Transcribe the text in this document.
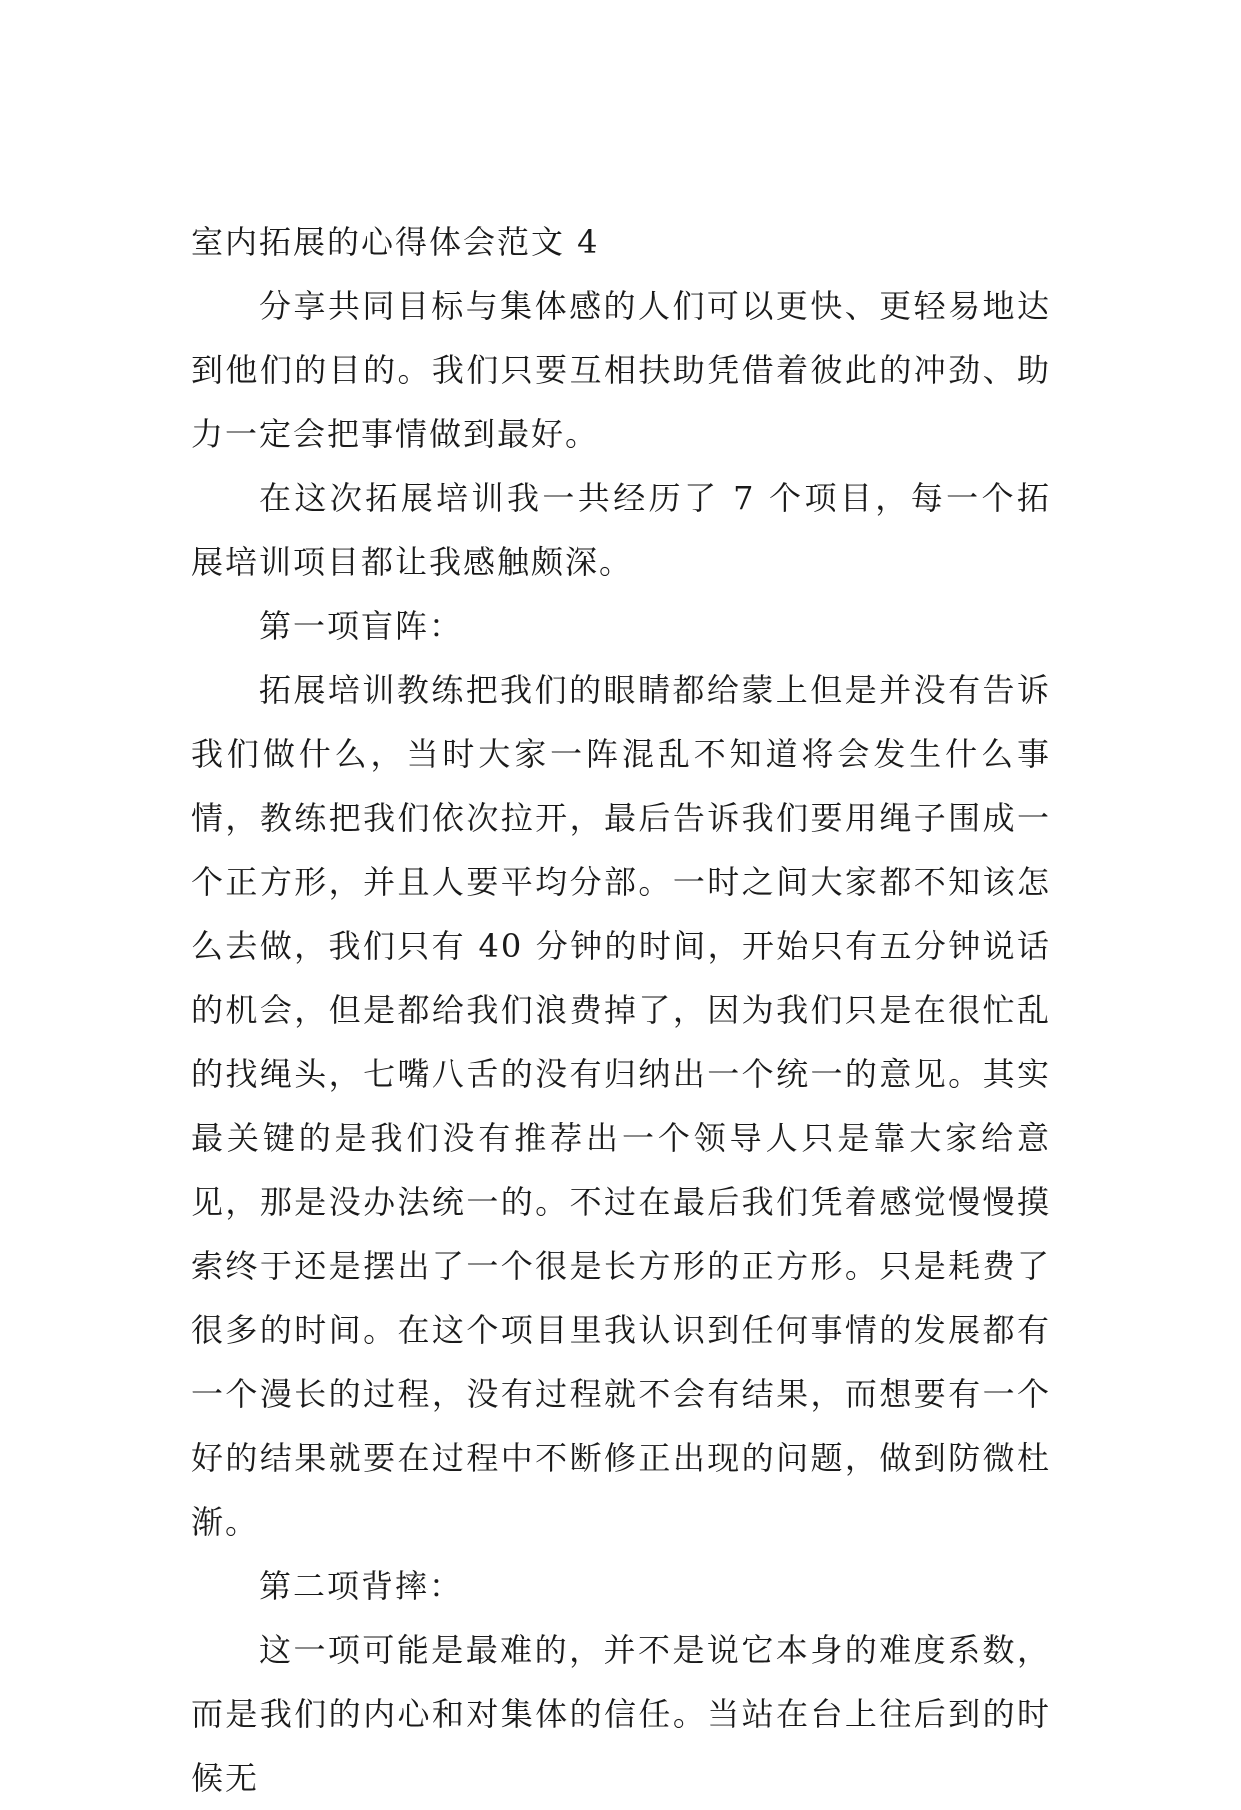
室内拓展的心得体会范文 4

分享共同目标与集体感的人们可以更快、更轻易地达到他们的目的。我们只要互相扶助凭借着彼此的冲劲、助力一定会把事情做到最好。

在这次拓展培训我一共经历了 7 个项目，每一个拓展培训项目都让我感触颇深。

第一项盲阵：

拓展培训教练把我们的眼睛都给蒙上但是并没有告诉我们做什么，当时大家一阵混乱不知道将会发生什么事情，教练把我们依次拉开，最后告诉我们要用绳子围成一个正方形，并且人要平均分部。一时之间大家都不知该怎么去做，我们只有 40 分钟的时间，开始只有五分钟说话的机会，但是都给我们浪费掉了，因为我们只是在很忙乱的找绳头，七嘴八舌的没有归纳出一个统一的意见。其实最关键的是我们没有推荐出一个领导人只是靠大家给意见，那是没办法统一的。不过在最后我们凭着感觉慢慢摸索终于还是摆出了一个很是长方形的正方形。只是耗费了很多的时间。在这个项目里我认识到任何事情的发展都有一个漫长的过程，没有过程就不会有结果，而想要有一个好的结果就要在过程中不断修正出现的问题，做到防微杜渐。

第二项背摔：

这一项可能是最难的，并不是说它本身的难度系数，而是我们的内心和对集体的信任。当站在台上往后到的时候无
